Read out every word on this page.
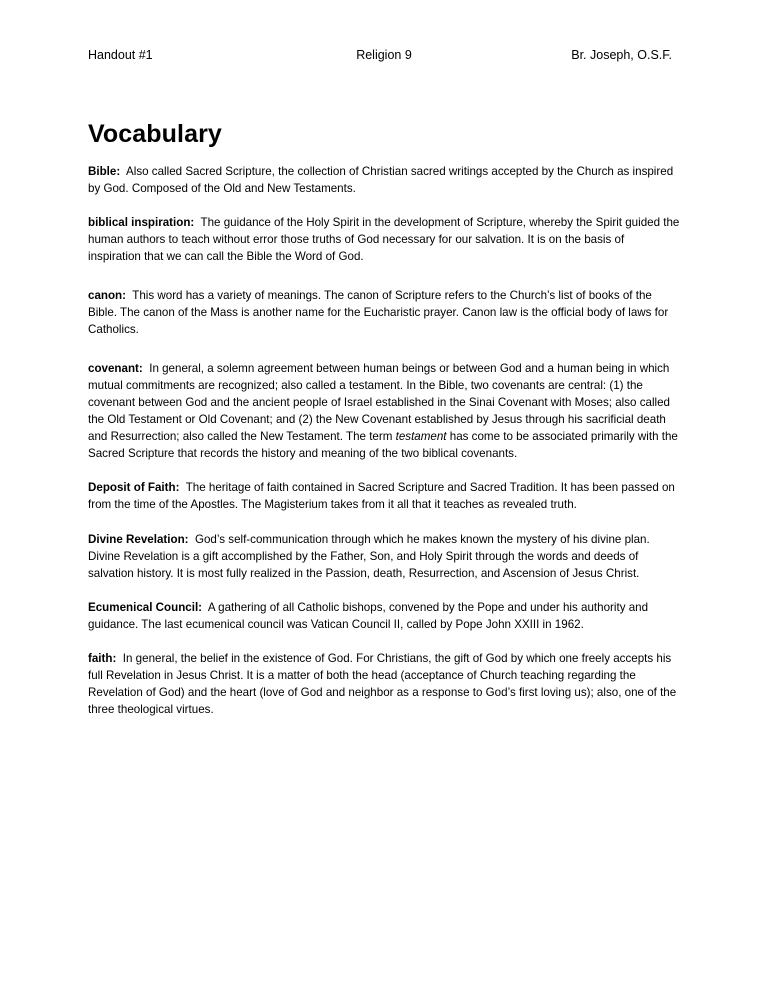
Handout #1	Religion 9	Br. Joseph, O.S.F.
Vocabulary

Bible: Also called Sacred Scripture, the collection of Christian sacred writings accepted by the Church as inspired by God. Composed of the Old and New Testaments.

biblical inspiration: The guidance of the Holy Spirit in the development of Scripture, whereby the Spirit guided the human authors to teach without error those truths of God necessary for our salvation. It is on the basis of inspiration that we can call the Bible the Word of God.

canon: This word has a variety of meanings. The canon of Scripture refers to the Church’s list of books of the Bible. The canon of the Mass is another name for the Eucharistic prayer. Canon law is the official body of laws for Catholics.

covenant: In general, a solemn agreement between human beings or between God and a human being in which mutual commitments are recognized; also called a testament. In the Bible, two covenants are central: (1) the covenant between God and the ancient people of Israel established in the Sinai Covenant with Moses; also called the Old Testament or Old Covenant; and (2) the New Covenant established by Jesus through his sacrificial death and Resurrection; also called the New Testament. The term testament has come to be associated primarily with the Sacred Scripture that records the history and meaning of the two biblical covenants.

Deposit of Faith: The heritage of faith contained in Sacred Scripture and Sacred Tradition. It has been passed on from the time of the Apostles. The Magisterium takes from it all that it teaches as revealed truth.

Divine Revelation: God’s self-communication through which he makes known the mystery of his divine plan. Divine Revelation is a gift accomplished by the Father, Son, and Holy Spirit through the words and deeds of salvation history. It is most fully realized in the Passion, death, Resurrection, and Ascension of Jesus Christ.

Ecumenical Council: A gathering of all Catholic bishops, convened by the Pope and under his authority and guidance. The last ecumenical council was Vatican Council II, called by Pope John XXIII in 1962.

faith: In general, the belief in the existence of God. For Christians, the gift of God by which one freely accepts his full Revelation in Jesus Christ. It is a matter of both the head (acceptance of Church teaching regarding the Revelation of God) and the heart (love of God and neighbor as a response to God’s first loving us); also, one of the three theological virtues.
